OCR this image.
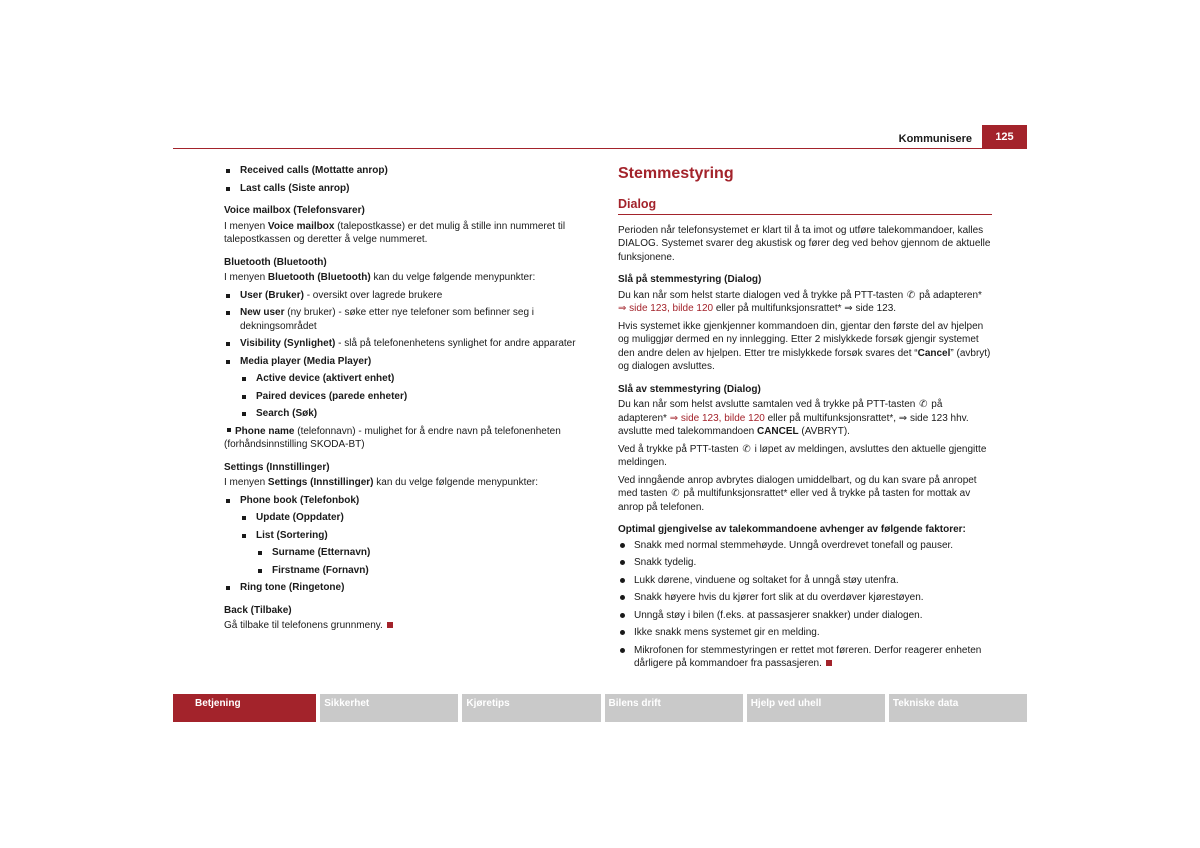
Kommunisere	125
Received calls (Mottatte anrop)
Last calls (Siste anrop)
Voice mailbox (Telefonsvarer)

I menyen Voice mailbox (talepostkasse) er det mulig å stille inn nummeret til talepostkassen og deretter å velge nummeret.

Bluetooth (Bluetooth)

I menyen Bluetooth (Bluetooth) kan du velge følgende menypunkter:

User (Bruker) - oversikt over lagrede brukere
New user (ny bruker) - søke etter nye telefoner som befinner seg i dekningsområdet
Visibility (Synlighet) - slå på telefonenhetens synlighet for andre apparater
Media player (Media Player)
Active device (aktivert enhet)
Paired devices (parede enheter)
Search (Søk)

Phone name (telefonnavn) - mulighet for å endre navn på telefonenheten (forhåndsinnstilling SKODA-BT)

Settings (Innstillinger)

I menyen Settings (Innstillinger) kan du velge følgende menypunkter:

Phone book (Telefonbok)
Update (Oppdater)
List (Sortering)
Surname (Etternavn)
Firstname (Fornavn)
Ring tone (Ringetone)
Back (Tilbake)

Gå tilbake til telefonens grunnmeny.

Stemmestyring
Dialog

Perioden når telefonsystemet er klart til å ta imot og utføre talekommandoer, kalles DIALOG. Systemet svarer deg akustisk og fører deg ved behov gjennom de aktuelle funksjonene.

Slå på stemmestyring (Dialog)

Du kan når som helst starte dialogen ved å trykke på PTT-tasten ✆ på adapteren* ⇒ side 123, bilde 120 eller på multifunksjonsrattet* ⇒ side 123.

Hvis systemet ikke gjenkjenner kommandoen din, gjentar den første del av hjelpen og muliggjør dermed en ny innlegging. Etter 2 mislykkede forsøk gjengir systemet den andre delen av hjelpen. Etter tre mislykkede forsøk svares det “Cancel” (avbryt) og dialogen avsluttes.

Slå av stemmestyring (Dialog)

Du kan når som helst avslutte samtalen ved å trykke på PTT-tasten ✆ på adapteren* ⇒ side 123, bilde 120 eller på multifunksjonsrattet*, ⇒ side 123 hhv. avslutte med talekommandoen CANCEL (AVBRYT).

Ved å trykke på PTT-tasten ✆ i løpet av meldingen, avsluttes den aktuelle gjengitte meldingen.

Ved inngående anrop avbrytes dialogen umiddelbart, og du kan svare på anropet med tasten ✆ på multifunksjonsrattet* eller ved å trykke på tasten for mottak av anrop på telefonen.

Optimal gjengivelse av talekommandoene avhenger av følgende faktorer:
Snakk med normal stemmehøyde. Unngå overdrevet tonefall og pauser.
Snakk tydelig.
Lukk dørene, vinduene og soltaket for å unngå støy utenfra.
Snakk høyere hvis du kjører fort slik at du overdøver kjørestøyen.
Unngå støy i bilen (f.eks. at passasjerer snakker) under dialogen.
Ikke snakk mens systemet gir en melding.
Mikrofonen for stemmestyringen er rettet mot føreren. Derfor reagerer enheten dårligere på kommandoer fra passasjeren.
Betjening	Sikkerhet	Kjøretips	Bilens drift	Hjelp ved uhell	Tekniske data
